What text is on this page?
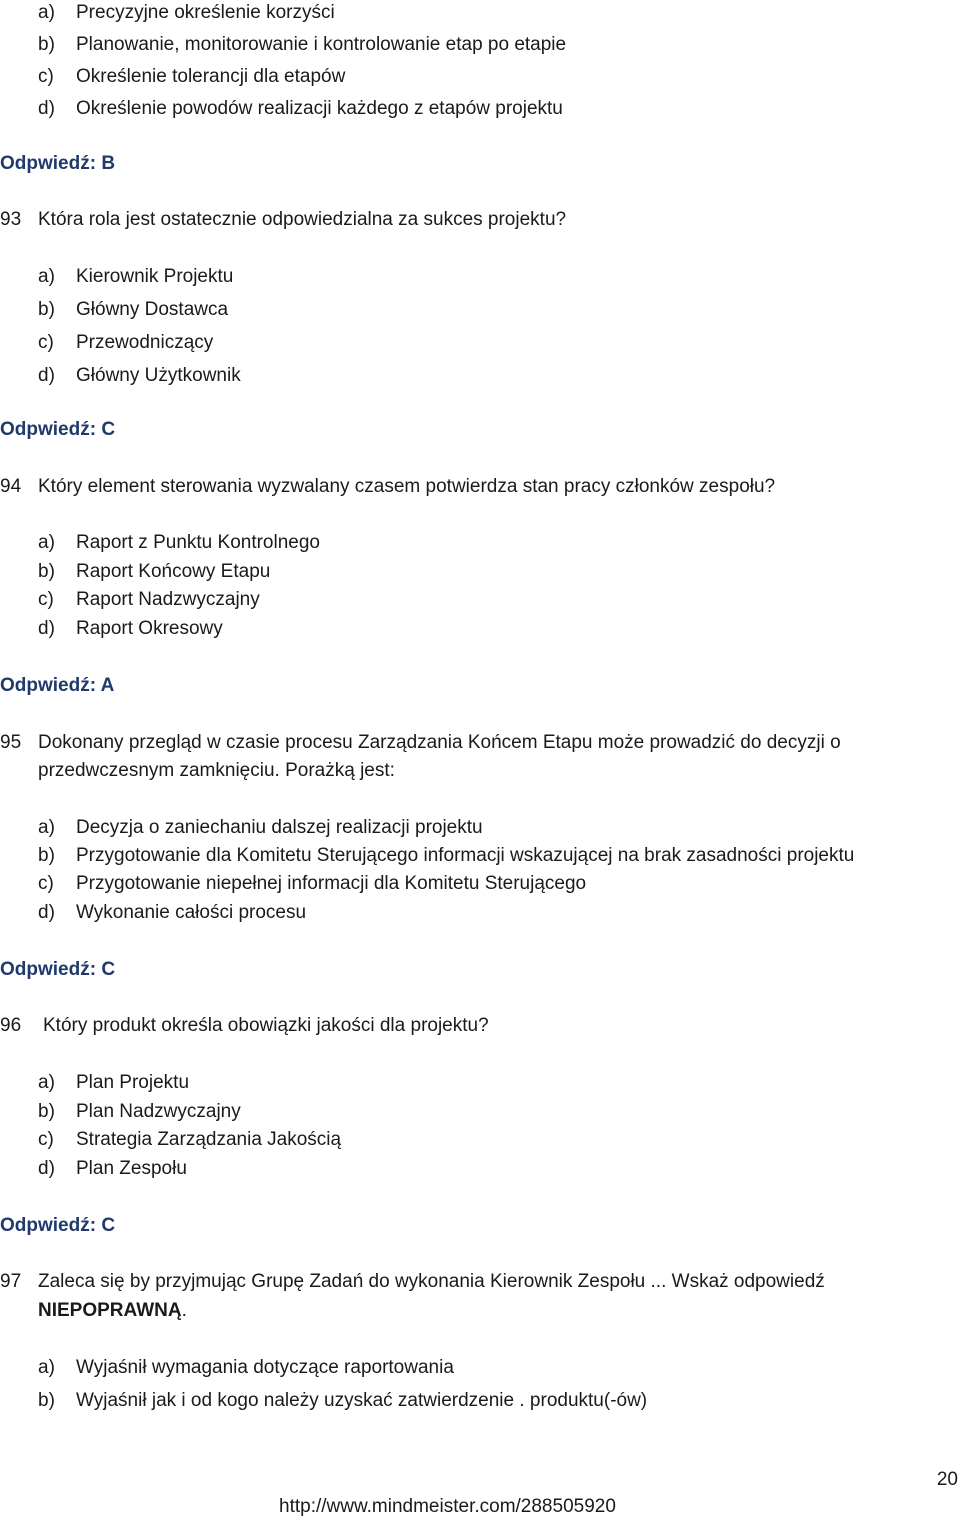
a) Precyzyjne określenie korzyści
b) Planowanie, monitorowanie i kontrolowanie etap po etapie
c) Określenie tolerancji dla etapów
d) Określenie powodów realizacji każdego z etapów projektu
Odpwiedź: B
93 Która rola jest ostatecznie odpowiedzialna za sukces projektu?
a) Kierownik Projektu
b) Główny Dostawca
c) Przewodniczący
d) Główny Użytkownik
Odpwiedź: C
94 Który element sterowania wyzwalany czasem potwierdza stan pracy członków zespołu?
a) Raport z Punktu Kontrolnego
b) Raport Końcowy Etapu
c) Raport Nadzwyczajny
d) Raport Okresowy
Odpwiedź: A
95 Dokonany przegląd w czasie procesu Zarządzania Końcem Etapu może prowadzić do decyzji o
przedwczesnym zamknięciu. Porażką jest:
a) Decyzja o zaniechaniu dalszej realizacji projektu
b) Przygotowanie dla Komitetu Sterującego informacji wskazującej na brak zasadności projektu
c) Przygotowanie niepełnej informacji dla Komitetu Sterującego
d) Wykonanie całości procesu
Odpwiedź: C
96 Który produkt określa obowiązki jakości dla projektu?
a) Plan Projektu
b) Plan Nadzwyczajny
c) Strategia Zarządzania Jakością
d) Plan Zespołu
Odpwiedź: C
97 Zaleca się by przyjmując Grupę Zadań do wykonania Kierownik Zespołu ... Wskaż odpowiedź
NIEPOPRAWNĄ.
a) Wyjaśnił wymagania dotyczące raportowania
b) Wyjaśnił jak i od kogo należy uzyskać zatwierdzenie . produktu(-ów)
20
http://www.mindmeister.com/288505920
